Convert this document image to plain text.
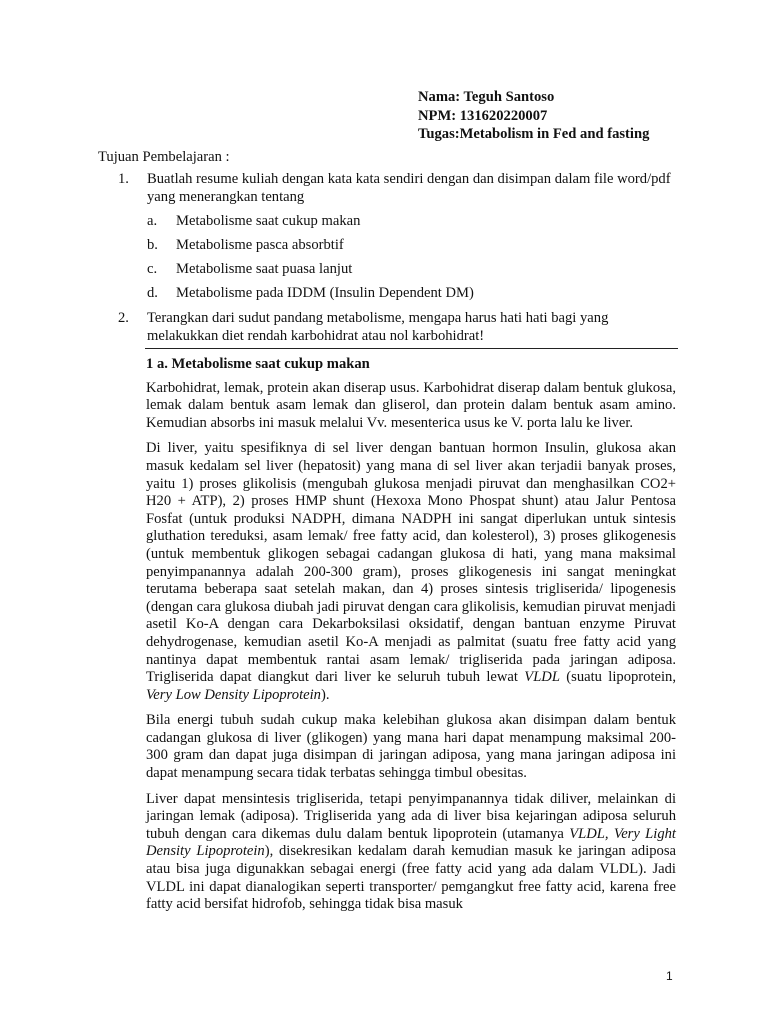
Nama: Teguh Santoso
NPM: 131620220007
Tugas:Metabolism in Fed and fasting
Tujuan Pembelajaran :
1. Buatlah resume kuliah dengan kata kata sendiri dengan dan disimpan dalam file word/pdf yang menerangkan tentang
a. Metabolisme saat cukup makan
b. Metabolisme pasca absorbtif
c. Metabolisme saat puasa lanjut
d. Metabolisme pada IDDM (Insulin Dependent DM)
2. Terangkan dari sudut pandang metabolisme, mengapa harus hati hati bagi yang melakukkan diet rendah karbohidrat atau nol karbohidrat!
1 a. Metabolisme saat cukup makan

Karbohidrat, lemak, protein akan diserap usus. Karbohidrat diserap dalam bentuk glukosa, lemak dalam bentuk asam lemak dan gliserol, dan protein dalam bentuk asam amino. Kemudian absorbs ini masuk melalui Vv. mesenterica usus ke V. porta lalu ke liver.

Di liver, yaitu spesifiknya di sel liver dengan bantuan hormon Insulin, glukosa akan masuk kedalam sel liver (hepatosit) yang mana di sel liver akan terjadii banyak proses, yaitu 1) proses glikolisis (mengubah glukosa menjadi piruvat dan menghasilkan CO2+ H20 + ATP), 2) proses HMP shunt (Hexoxa Mono Phospat shunt) atau Jalur Pentosa Fosfat (untuk produksi NADPH, dimana NADPH ini sangat diperlukan untuk sintesis gluthation tereduksi, asam lemak/ free fatty acid, dan kolesterol), 3) proses glikogenesis (untuk membentuk glikogen sebagai cadangan glukosa di hati, yang mana maksimal penyimpanannya adalah 200-300 gram), proses glikogenesis ini sangat meningkat terutama beberapa saat setelah makan, dan 4) proses sintesis trigliserida/ lipogenesis (dengan cara glukosa diubah jadi piruvat dengan cara glikolisis, kemudian piruvat menjadi asetil Ko-A dengan cara Dekarboksilasi oksidatif, dengan bantuan enzyme Piruvat dehydrogenase, kemudian asetil Ko-A menjadi as palmitat (suatu free fatty acid yang nantinya dapat membentuk rantai asam lemak/ trigliserida pada jaringan adiposa. Trigliserida dapat diangkut dari liver ke seluruh tubuh lewat VLDL (suatu lipoprotein, Very Low Density Lipoprotein).

Bila energi tubuh sudah cukup maka kelebihan glukosa akan disimpan dalam bentuk cadangan glukosa di liver (glikogen) yang mana hari dapat menampung maksimal 200-300 gram dan dapat juga disimpan di jaringan adiposa, yang mana jaringan adiposa ini dapat menampung secara tidak terbatas sehingga timbul obesitas.

Liver dapat mensintesis trigliserida, tetapi penyimpanannya tidak diliver, melainkan di jaringan lemak (adiposa). Trigliserida yang ada di liver bisa kejaringan adiposa seluruh tubuh dengan cara dikemas dulu dalam bentuk lipoprotein (utamanya VLDL, Very Light Density Lipoprotein), disekresikan kedalam darah kemudian masuk ke jaringan adiposa atau bisa juga digunakkan sebagai energi (free fatty acid yang ada dalam VLDL). Jadi VLDL ini dapat dianalogikan seperti transporter/ pemgangkut free fatty acid, karena free fatty acid bersifat hidrofob, sehingga tidak bisa masuk

1
